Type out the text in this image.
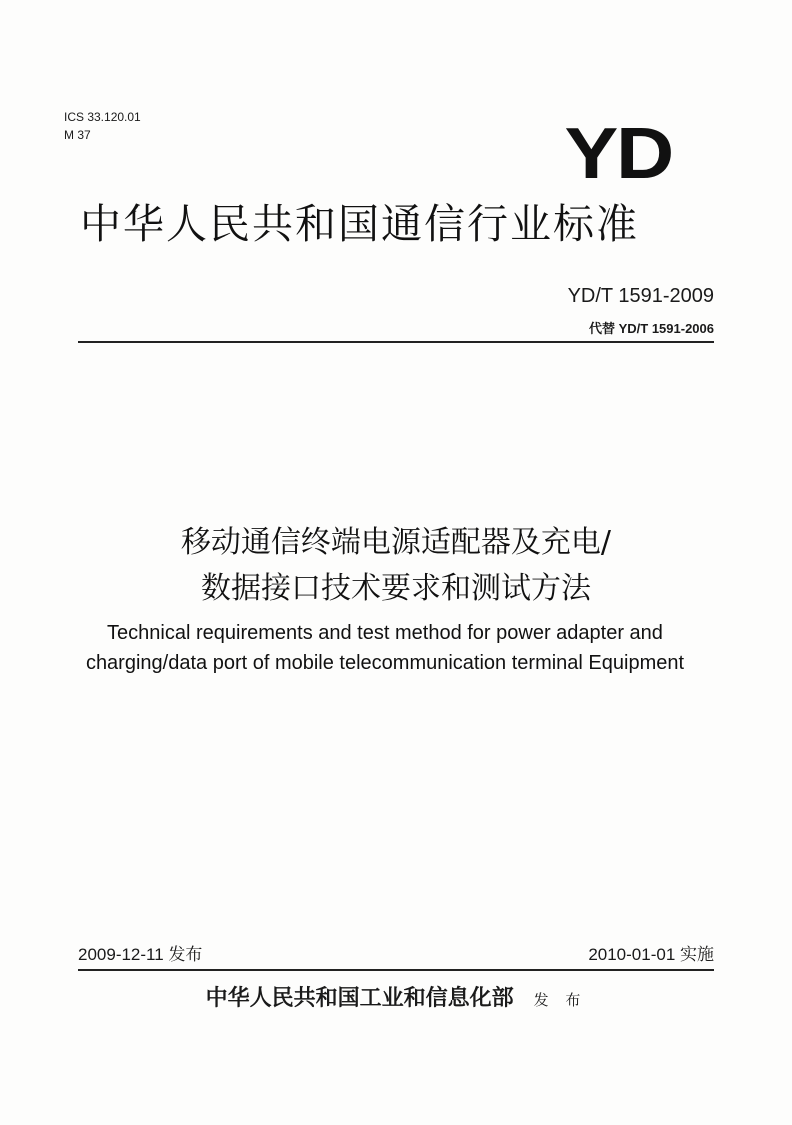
ICS 33.120.01
M 37	YD
中华人民共和国通信行业标准
YD/T 1591-2009
代替 YD/T 1591-2006
移动通信终端电源适配器及充电/
数据接口技术要求和测试方法
Technical requirements and test method for power adapter and
charging/data port of mobile telecommunication terminal Equipment
2009-12-11 发布	2010-01-01 实施
中华人民共和国工业和信息化部 发 布
